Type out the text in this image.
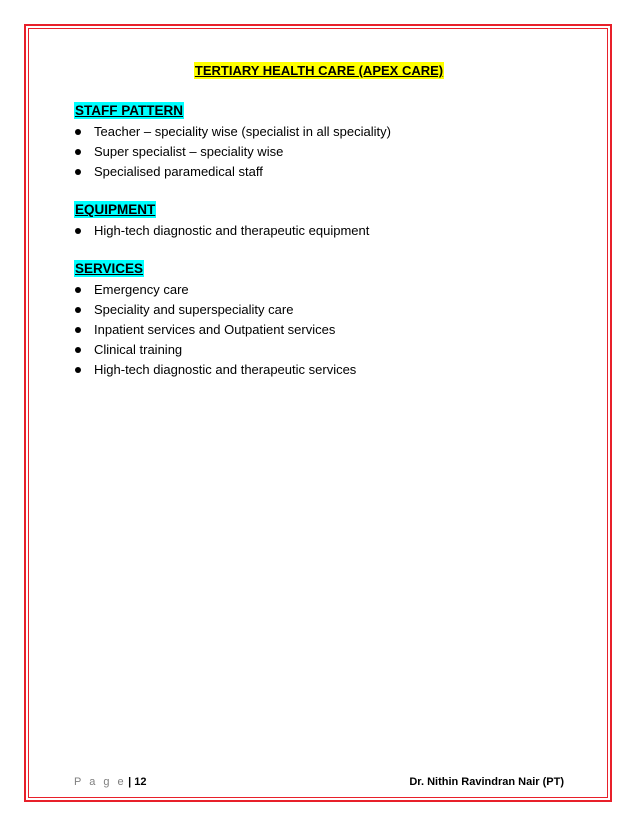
TERTIARY HEALTH CARE (APEX CARE)
STAFF PATTERN
Teacher – speciality wise (specialist in all speciality)
Super specialist – speciality wise
Specialised paramedical staff
EQUIPMENT
High-tech diagnostic and therapeutic equipment
SERVICES
Emergency care
Speciality and superspeciality care
Inpatient services and Outpatient services
Clinical training
High-tech diagnostic and therapeutic services
P a g e | 12	Dr. Nithin Ravindran Nair (PT)
